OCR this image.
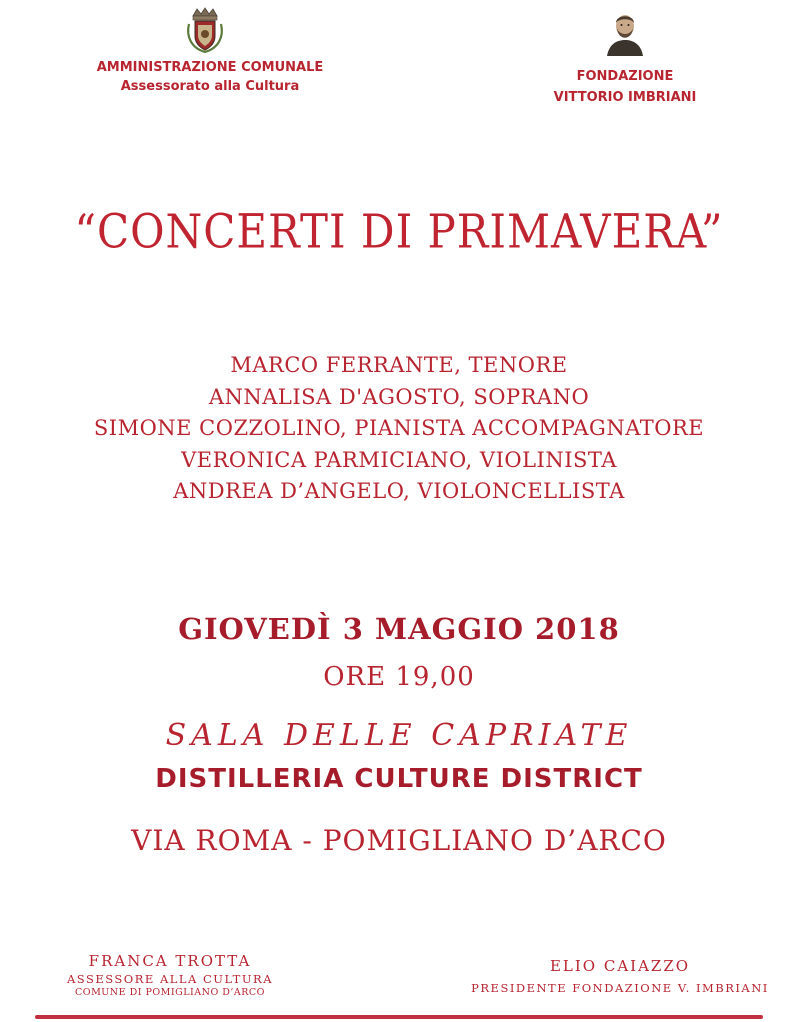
AMMINISTRAZIONE COMUNALE
Assessorato alla Cultura
FONDAZIONE
VITTORIO IMBRIANI
“CONCERTI DI PRIMAVERA”
MARCO FERRANTE, TENORE
ANNALISA D'AGOSTO, SOPRANO
SIMONE COZZOLINO, PIANISTA ACCOMPAGNATORE
VERONICA PARMICIANO, VIOLINISTA
ANDREA D’ANGELO, VIOLONCELLISTA
GIOVEDÌ 3 MAGGIO 2018
ORE 19,00
SALA DELLE CAPRIATE
DISTILLERIA CULTURE DISTRICT
VIA ROMA - POMIGLIANO D’ARCO
FRANCA TROTTA
ASSESSORE ALLA CULTURA
COMUNE DI POMIGLIANO D’ARCO
ELIO CAIAZZO
PRESIDENTE FONDAZIONE V. IMBRIANI
